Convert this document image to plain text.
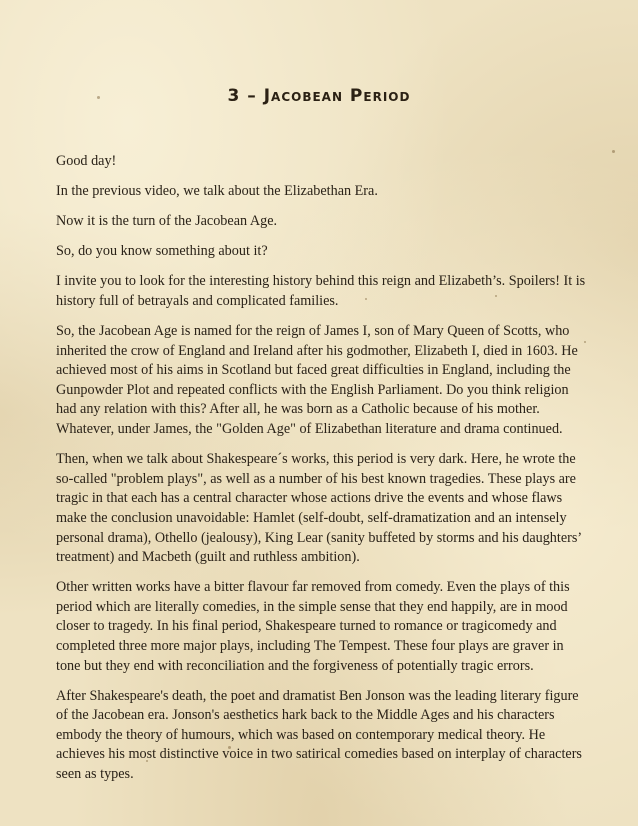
3 – Jacobean Period

Good day!

In the previous video, we talk about the Elizabethan Era.

Now it is the turn of the Jacobean Age.

So, do you know something about it?

I invite you to look for the interesting history behind this reign and Elizabeth’s. Spoilers! It is history full of betrayals and complicated families.

So, the Jacobean Age is named for the reign of James I, son of Mary Queen of Scotts, who inherited the crow of England and Ireland after his godmother, Elizabeth I, died in 1603. He achieved most of his aims in Scotland but faced great difficulties in England, including the Gunpowder Plot and repeated conflicts with the English Parliament. Do you think religion had any relation with this? After all, he was born as a Catholic because of his mother. Whatever, under James, the "Golden Age" of Elizabethan literature and drama continued.

Then, when we talk about Shakespeare´s works, this period is very dark. Here, he wrote the so-called "problem plays", as well as a number of his best known tragedies. These plays are tragic in that each has a central character whose actions drive the events and whose flaws make the conclusion unavoidable: Hamlet (self-doubt, self-dramatization and an intensely personal drama), Othello (jealousy), King Lear (sanity buffeted by storms and his daughters’ treatment) and Macbeth (guilt and ruthless ambition).

Other written works have a bitter flavour far removed from comedy. Even the plays of this period which are literally comedies, in the simple sense that they end happily, are in mood closer to tragedy. In his final period, Shakespeare turned to romance or tragicomedy and completed three more major plays, including The Tempest. These four plays are graver in tone but they end with reconciliation and the forgiveness of potentially tragic errors.

After Shakespeare's death, the poet and dramatist Ben Jonson was the leading literary figure of the Jacobean era. Jonson's aesthetics hark back to the Middle Ages and his characters embody the theory of humours, which was based on contemporary medical theory. He achieves his most distinctive voice in two satirical comedies based on interplay of characters seen as types.
